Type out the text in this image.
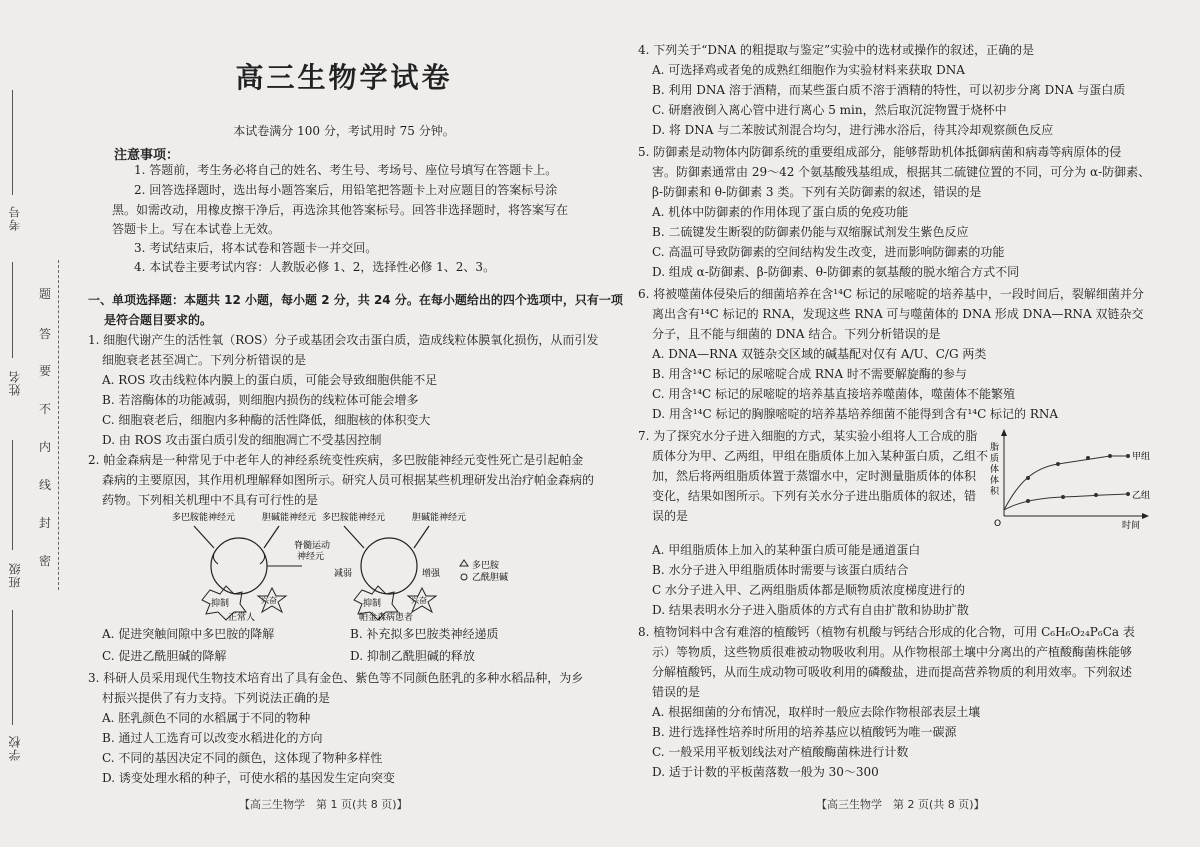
考号
姓名
班级
学校
题
答
要
不
内
线
封
密
高三生物学试卷
本试卷满分 100 分，考试用时 75 分钟。
注意事项：
1. 答题前，考生务必将自己的姓名、考生号、考场号、座位号填写在答题卡上。
2. 回答选择题时，选出每小题答案后，用铅笔把答题卡上对应题目的答案标号涂
黑。如需改动，用橡皮擦干净后，再选涂其他答案标号。回答非选择题时，将答案写在
答题卡上。写在本试卷上无效。
3. 考试结束后，将本试卷和答题卡一并交回。
4. 本试卷主要考试内容：人教版必修 1、2，选择性必修 1、2、3。
一、单项选择题：本题共 12 小题，每小题 2 分，共 24 分。在每小题给出的四个选项中，只有一项
是符合题目要求的。
1. 细胞代谢产生的活性氧（ROS）分子或基团会攻击蛋白质，造成线粒体膜氧化损伤，从而引发
细胞衰老甚至凋亡。下列分析错误的是
A. ROS 攻击线粒体内膜上的蛋白质，可能会导致细胞供能不足
B. 若溶酶体的功能减弱，则细胞内损伤的线粒体可能会增多
C. 细胞衰老后，细胞内多种酶的活性降低，细胞核的体积变大
D. 由 ROS 攻击蛋白质引发的细胞凋亡不受基因控制
2. 帕金森病是一种常见于中老年人的神经系统变性疾病，多巴胺能神经元变性死亡是引起帕金
森病的主要原因，其作用机理解释如图所示。研究人员可根据某些机理研发出治疗帕金森病的
药物。下列相关机理中不具有可行性的是
多巴胺能神经元	胆碱能神经元 多巴胺能神经元	胆碱能神经元
抑制	兴奋
正常人
脊髓运动
神经元
减弱	增强
抑制	兴奋
帕金森病患者
多巴胺
乙酰胆碱
A. 促进突触间隙中多巴胺的降解	B. 补充拟多巴胺类神经递质
C. 促进乙酰胆碱的降解	D. 抑制乙酰胆碱的释放
3. 科研人员采用现代生物技术培育出了具有金色、紫色等不同颜色胚乳的多种水稻品种，为乡
村振兴提供了有力支持。下列说法正确的是
A. 胚乳颜色不同的水稻属于不同的物种
B. 通过人工选育可以改变水稻进化的方向
C. 不同的基因决定不同的颜色，这体现了物种多样性
D. 诱变处理水稻的种子，可使水稻的基因发生定向突变
【高三生物学　第 1 页(共 8 页)】
4. 下列关于“DNA 的粗提取与鉴定”实验中的选材或操作的叙述，正确的是
A. 可选择鸡或者兔的成熟红细胞作为实验材料来获取 DNA
B. 利用 DNA 溶于酒精，而某些蛋白质不溶于酒精的特性，可以初步分离 DNA 与蛋白质
C. 研磨液倒入离心管中进行离心 5 min，然后取沉淀物置于烧杯中
D. 将 DNA 与二苯胺试剂混合均匀，进行沸水浴后，待其冷却观察颜色反应
5. 防御素是动物体内防御系统的重要组成部分，能够帮助机体抵御病菌和病毒等病原体的侵
害。防御素通常由 29～42 个氨基酸残基组成，根据其二硫键位置的不同，可分为 α-防御素、
β-防御素和 θ-防御素 3 类。下列有关防御素的叙述，错误的是
A. 机体中防御素的作用体现了蛋白质的免疫功能
B. 二硫键发生断裂的防御素仍能与双缩脲试剂发生紫色反应
C. 高温可导致防御素的空间结构发生改变，进而影响防御素的功能
D. 组成 α-防御素、β-防御素、θ-防御素的氨基酸的脱水缩合方式不同
6. 将被噬菌体侵染后的细菌培养在含¹⁴C 标记的尿嘧啶的培养基中，一段时间后，裂解细菌并分
离出含有¹⁴C 标记的 RNA，发现这些 RNA 可与噬菌体的 DNA 形成 DNA—RNA 双链杂交
分子，且不能与细菌的 DNA 结合。下列分析错误的是
A. DNA—RNA 双链杂交区域的碱基配对仅有 A/U、C/G 两类
B. 用含¹⁴C 标记的尿嘧啶合成 RNA 时不需要解旋酶的参与
C. 用含¹⁴C 标记的尿嘧啶的培养基直接培养噬菌体，噬菌体不能繁殖
D. 用含¹⁴C 标记的胸腺嘧啶的培养基培养细菌不能得到含有¹⁴C 标记的 RNA
7. 为了探究水分子进入细胞的方式，某实验小组将人工合成的脂
质体分为甲、乙两组，甲组在脂质体上加入某种蛋白质，乙组不
加，然后将两组脂质体置于蒸馏水中，定时测量脂质体的体积
变化，结果如图所示。下列有关水分子进出脂质体的叙述，错
误的是
脂
质
体
体
积
O	时间
甲组
乙组
A. 甲组脂质体上加入的某种蛋白质可能是通道蛋白
B. 水分子进入甲组脂质体时需要与该蛋白质结合
C 水分子进入甲、乙两组脂质体都是顺物质浓度梯度进行的
D. 结果表明水分子进入脂质体的方式有自由扩散和协助扩散
8. 植物饲料中含有难溶的植酸钙（植物有机酸与钙结合形成的化合物，可用 C₆H₆O₂₄P₆Ca 表
示）等物质，这些物质很难被动物吸收利用。从作物根部土壤中分离出的产植酸酶菌株能够
分解植酸钙，从而生成动物可吸收利用的磷酸盐，进而提高营养物质的利用效率。下列叙述
错误的是
A. 根据细菌的分布情况，取样时一般应去除作物根部表层土壤
B. 进行选择性培养时所用的培养基应以植酸钙为唯一碳源
C. 一般采用平板划线法对产植酸酶菌株进行计数
D. 适于计数的平板菌落数一般为 30～300
【高三生物学　第 2 页(共 8 页)】
